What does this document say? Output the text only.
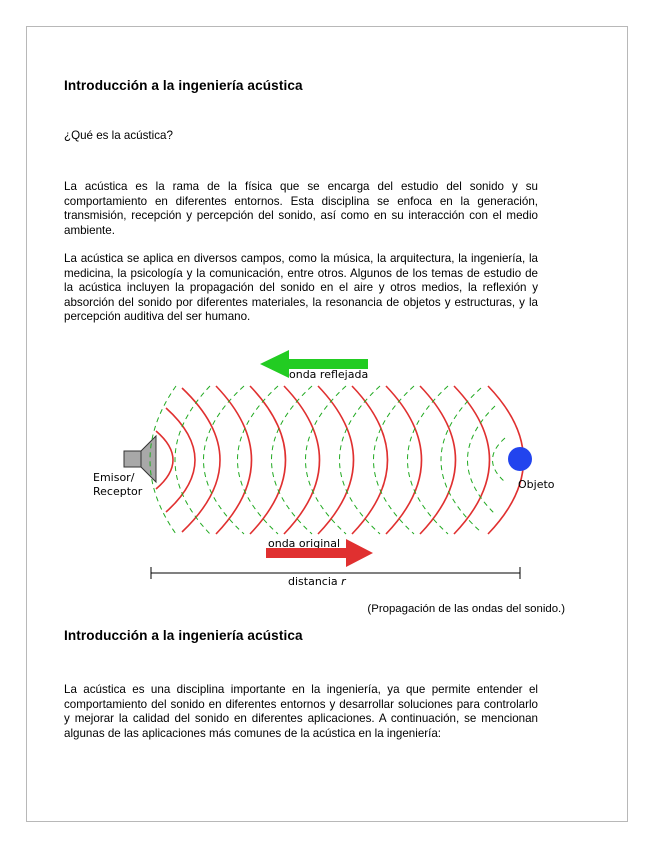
Introducción a la ingeniería acústica

¿Qué es la acústica?

La acústica es la rama de la física que se encarga del estudio del sonido y su comportamiento en diferentes entornos. Esta disciplina se enfoca en la generación, transmisión, recepción y percepción del sonido, así como en su interacción con el medio ambiente.

La acústica se aplica en diversos campos, como la música, la arquitectura, la ingeniería, la medicina, la psicología y la comunicación, entre otros. Algunos de los temas de estudio de la acústica incluyen la propagación del sonido en el aire y otros medios, la reflexión y absorción del sonido por diferentes materiales, la resonancia de objetos y estructuras, y la percepción auditiva del ser humano.

onda reflejada
Emisor/
Receptor
Objeto
onda original
distancia r
(Propagación de las ondas del sonido.)
Introducción a la ingeniería acústica

La acústica es una disciplina importante en la ingeniería, ya que permite entender el comportamiento del sonido en diferentes entornos y desarrollar soluciones para controlarlo y mejorar la calidad del sonido en diferentes aplicaciones. A continuación, se mencionan algunas de las aplicaciones más comunes de la acústica en la ingeniería:
